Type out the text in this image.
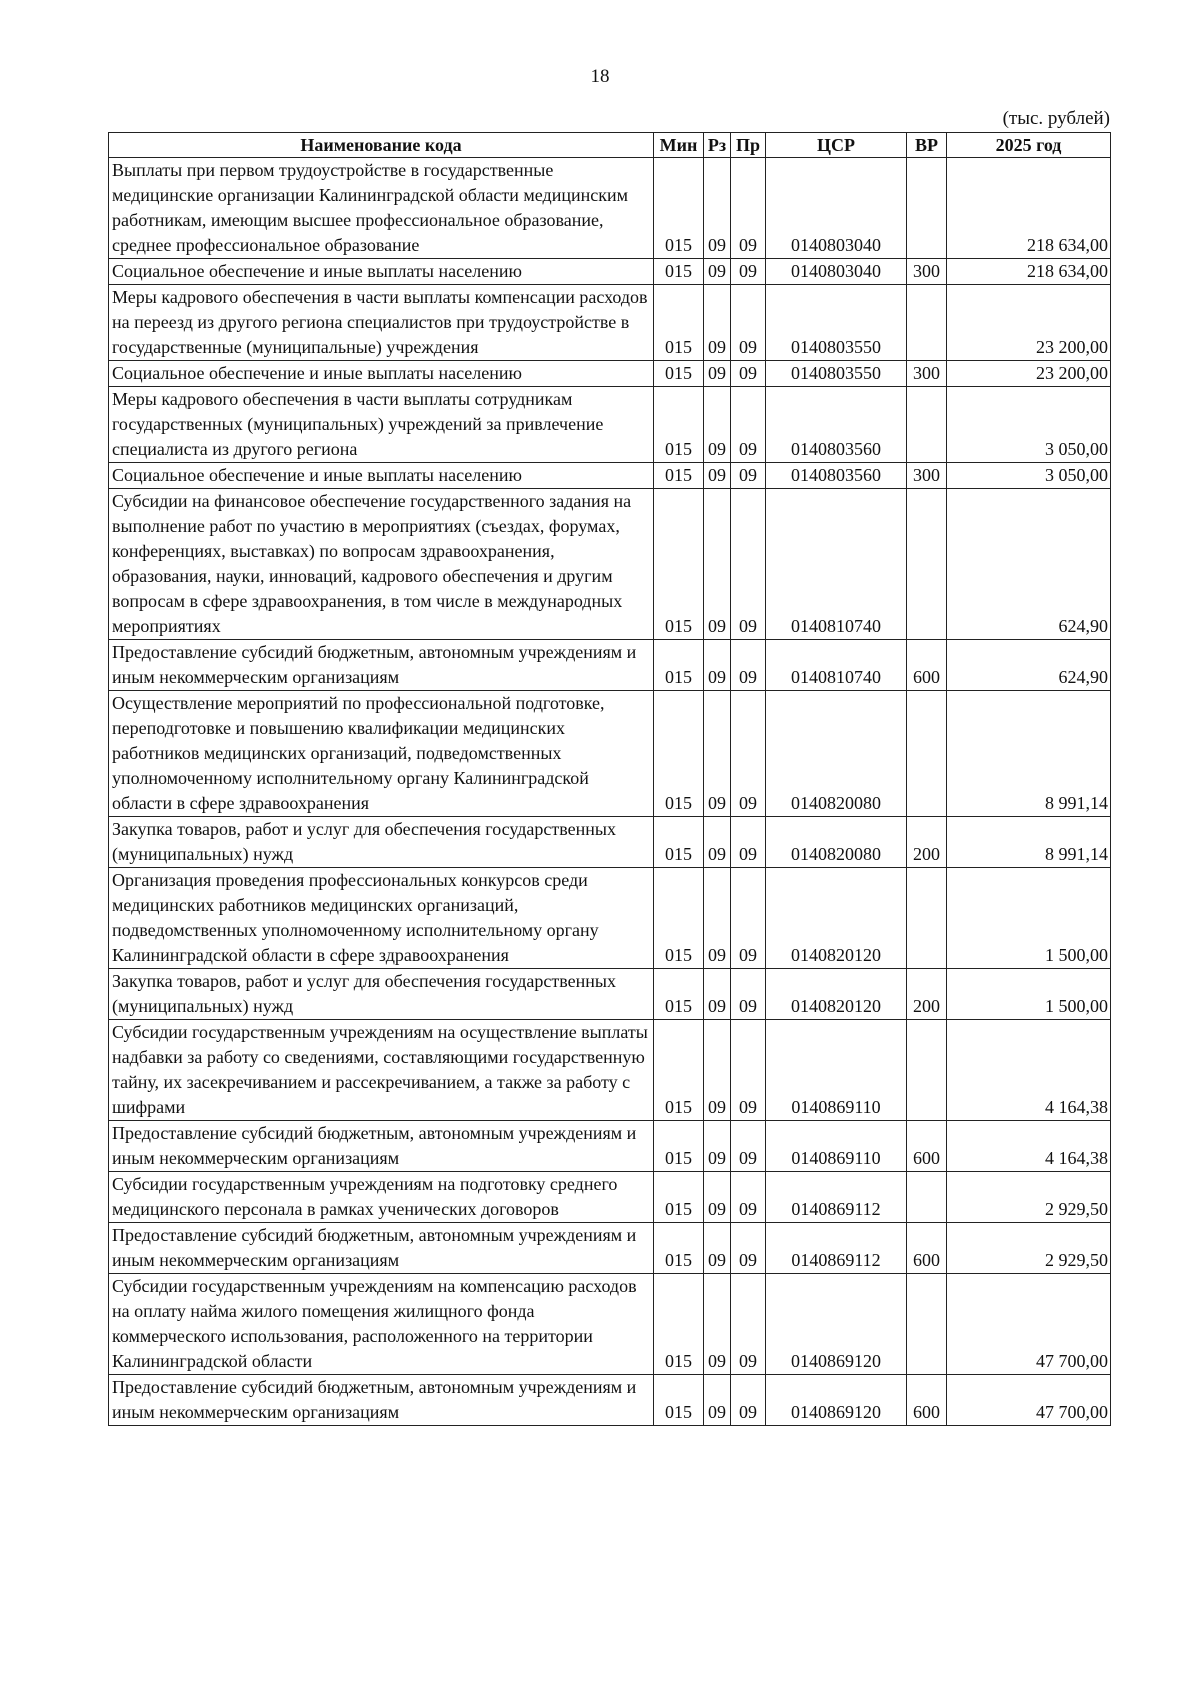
18
(тыс. рублей)
Наименование кода	Мин	Рз	Пр	ЦСР	ВР	2025 год
Выплаты при первом трудоустройстве в государственные медицинские организации Калининградской области медицинским работникам, имеющим высшее профессиональное образование, среднее профессиональное образование	015	09	09	0140803040		218 634,00
Социальное обеспечение и иные выплаты населению	015	09	09	0140803040	300	218 634,00
Меры кадрового обеспечения в части выплаты компенсации расходов на переезд из другого региона специалистов при трудоустройстве в государственные (муниципальные) учреждения	015	09	09	0140803550		23 200,00
Социальное обеспечение и иные выплаты населению	015	09	09	0140803550	300	23 200,00
Меры кадрового обеспечения в части выплаты сотрудникам государственных (муниципальных) учреждений за привлечение специалиста из другого региона	015	09	09	0140803560		3 050,00
Социальное обеспечение и иные выплаты населению	015	09	09	0140803560	300	3 050,00
Субсидии на финансовое обеспечение государственного задания на выполнение работ по участию в мероприятиях (съездах, форумах, конференциях, выставках) по вопросам здравоохранения, образования, науки, инноваций, кадрового обеспечения и другим вопросам в сфере здравоохранения, в том числе в международных мероприятиях	015	09	09	0140810740		624,90
Предоставление субсидий бюджетным, автономным учреждениям и иным некоммерческим организациям	015	09	09	0140810740	600	624,90
Осуществление мероприятий по профессиональной подготовке, переподготовке и повышению квалификации медицинских работников медицинских организаций, подведомственных уполномоченному исполнительному органу Калининградской области в сфере здравоохранения	015	09	09	0140820080		8 991,14
Закупка товаров, работ и услуг для обеспечения государственных (муниципальных) нужд	015	09	09	0140820080	200	8 991,14
Организация проведения профессиональных конкурсов среди медицинских работников медицинских организаций, подведомственных уполномоченному исполнительному органу Калининградской области в сфере здравоохранения	015	09	09	0140820120		1 500,00
Закупка товаров, работ и услуг для обеспечения государственных (муниципальных) нужд	015	09	09	0140820120	200	1 500,00
Субсидии государственным учреждениям на осуществление выплаты надбавки за работу со сведениями, составляющими государственную тайну, их засекречиванием и рассекречиванием, а также за работу с шифрами	015	09	09	0140869110		4 164,38
Предоставление субсидий бюджетным, автономным учреждениям и иным некоммерческим организациям	015	09	09	0140869110	600	4 164,38
Субсидии государственным учреждениям на подготовку среднего медицинского персонала в рамках ученических договоров	015	09	09	0140869112		2 929,50
Предоставление субсидий бюджетным, автономным учреждениям и иным некоммерческим организациям	015	09	09	0140869112	600	2 929,50
Субсидии государственным учреждениям на компенсацию расходов на оплату найма жилого помещения жилищного фонда коммерческого использования, расположенного на территории Калининградской области	015	09	09	0140869120		47 700,00
Предоставление субсидий бюджетным, автономным учреждениям и иным некоммерческим организациям	015	09	09	0140869120	600	47 700,00
